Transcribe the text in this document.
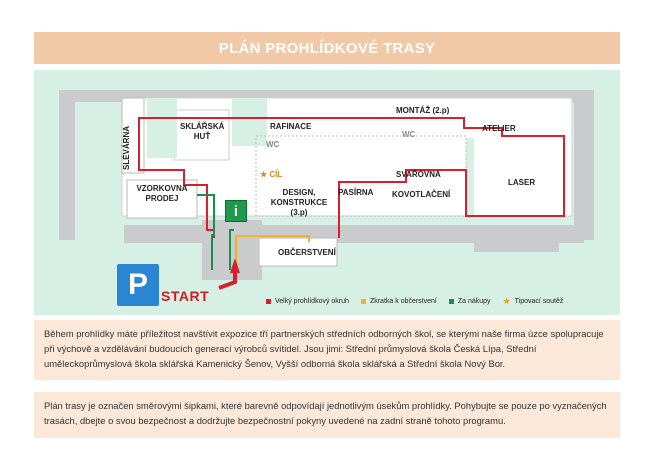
PLÁN PROHLÍDKOVÉ TRASY
SLÉVÁRNA	SKLÁŘSKÁ HUŤ
RAFINACE
MONTÁŽ (2.p)
ATELIER
WC
WC
★ CÍL
VZORKOVNA PRODEJ
DESIGN, KONSTRUKCE (3.p)
PASÍRNA
SVAŘOVNA
KOVOTLAČENÍ
LASER
OBČERSTVENÍ
i
P START	Velký prohlídkový okruh	Zkratka k občerstvení	Za nákupy ★ Tipovací soutěž
Během prohlídky máte příležitost navštívit expozice tří partnerských středních odborných škol, se kterými naše firma úzce spolupracuje při výchově a vzdělávání budoucích generací výrobců svítidel. Jsou jimi: Střední průmyslová škola Česká Lípa, Střední uměleckoprůmyslová škola sklářská Kamenický Šenov, Vyšší odborná škola sklářská a Střední škola Nový Bor.
Plán trasy je označen směrovými šipkami, které barevně odpovídají jednotlivým úsekům prohlídky. Pohybujte se pouze po vyznačených trasách, dbejte o svou bezpečnost a dodržujte bezpečnostní pokyny uvedené na zadní straně tohoto programu.
